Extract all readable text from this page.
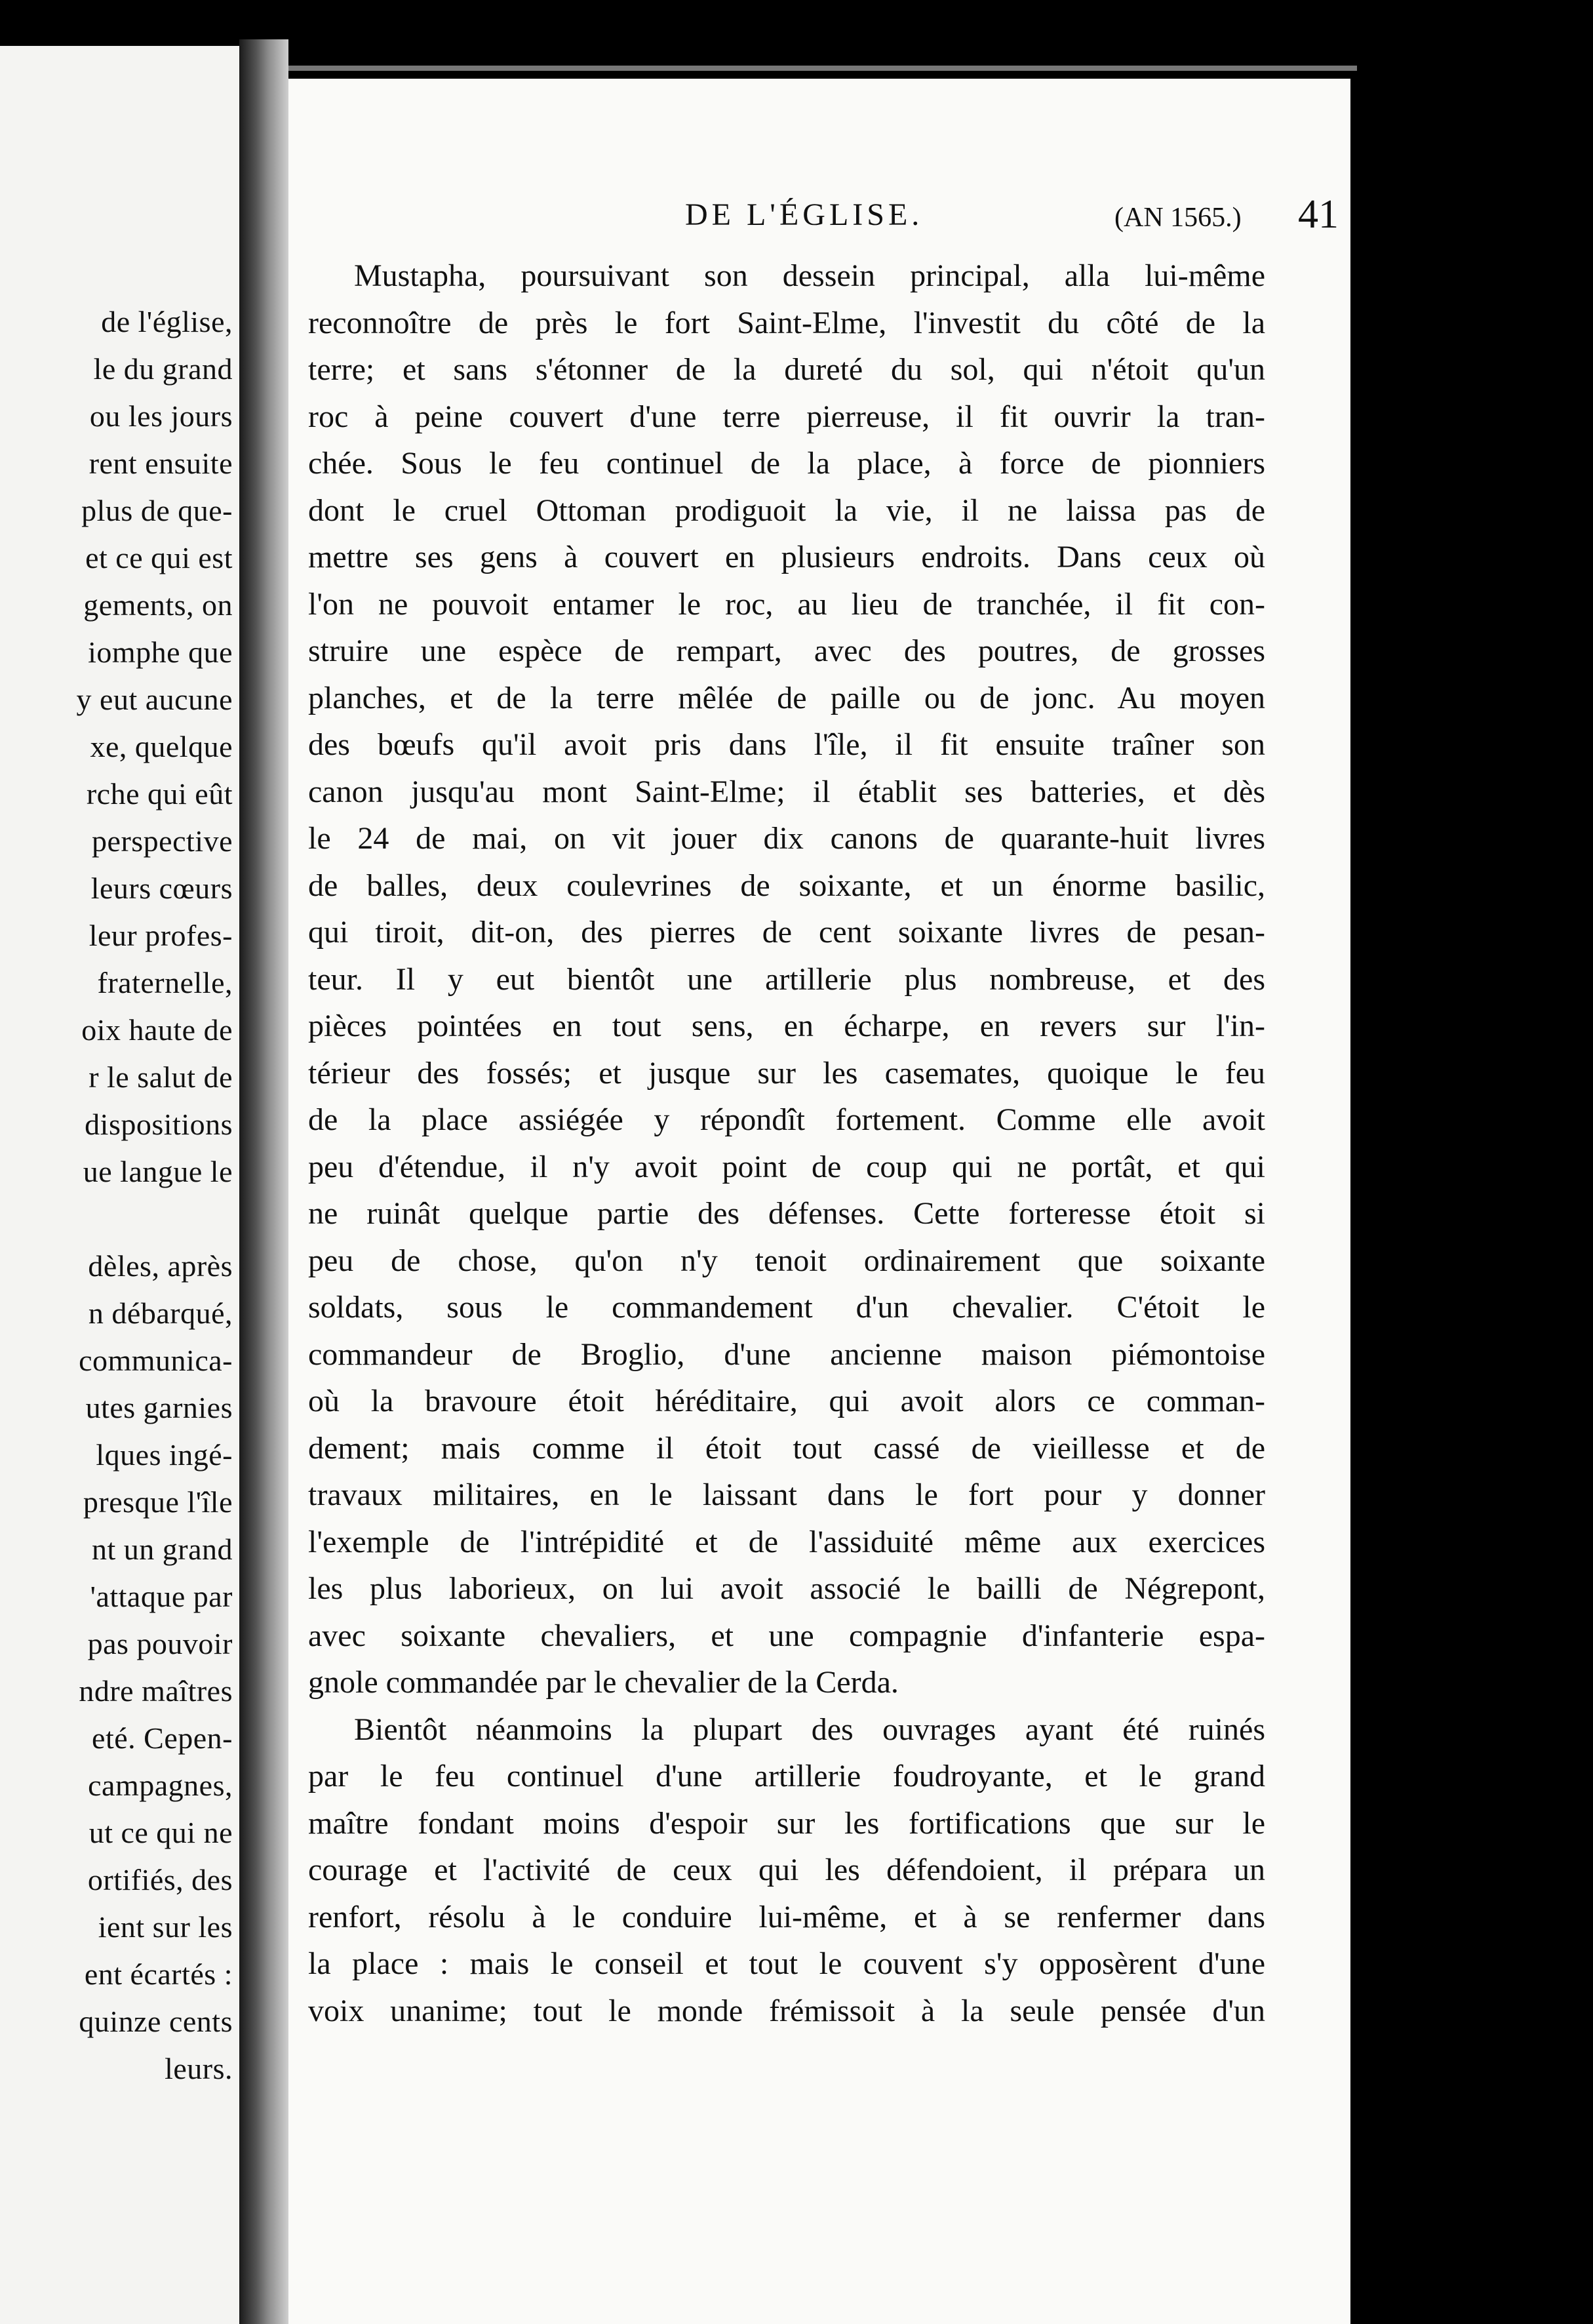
de l'église,
le du grand
ou les jours
rent ensuite
plus de que-
et ce qui est
gements, on
iomphe que
y eut aucune
xe, quelque
rche qui eût
perspective
leurs cœurs
leur profes-
fraternelle,
oix haute de
r le salut de
dispositions
ue langue le
dèles, après
n débarqué,
communica-
utes garnies
lques ingé-
presque l'île
nt un grand
'attaque par
pas pouvoir
ndre maîtres
eté. Cepen-
campagnes,
ut ce qui ne
ortifiés, des
ient sur les
ent écartés :
quinze cents
leurs.
DE L'ÉGLISE.	(AN 1565.) 41
Mustapha, poursuivant son dessein principal, alla lui-même
reconnoître de près le fort Saint-Elme, l'investit du côté de la
terre; et sans s'étonner de la dureté du sol, qui n'étoit qu'un
roc à peine couvert d'une terre pierreuse, il fit ouvrir la tran-
chée. Sous le feu continuel de la place, à force de pionniers
dont le cruel Ottoman prodiguoit la vie, il ne laissa pas de
mettre ses gens à couvert en plusieurs endroits. Dans ceux où
l'on ne pouvoit entamer le roc, au lieu de tranchée, il fit con-
struire une espèce de rempart, avec des poutres, de grosses
planches, et de la terre mêlée de paille ou de jonc. Au moyen
des bœufs qu'il avoit pris dans l'île, il fit ensuite traîner son
canon jusqu'au mont Saint-Elme; il établit ses batteries, et dès
le 24 de mai, on vit jouer dix canons de quarante-huit livres
de balles, deux coulevrines de soixante, et un énorme basilic,
qui tiroit, dit-on, des pierres de cent soixante livres de pesan-
teur. Il y eut bientôt une artillerie plus nombreuse, et des
pièces pointées en tout sens, en écharpe, en revers sur l'in-
térieur des fossés; et jusque sur les casemates, quoique le feu
de la place assiégée y répondît fortement. Comme elle avoit
peu d'étendue, il n'y avoit point de coup qui ne portât, et qui
ne ruinât quelque partie des défenses. Cette forteresse étoit si
peu de chose, qu'on n'y tenoit ordinairement que soixante
soldats, sous le commandement d'un chevalier. C'étoit le
commandeur de Broglio, d'une ancienne maison piémontoise
où la bravoure étoit héréditaire, qui avoit alors ce comman-
dement; mais comme il étoit tout cassé de vieillesse et de
travaux militaires, en le laissant dans le fort pour y donner
l'exemple de l'intrépidité et de l'assiduité même aux exercices
les plus laborieux, on lui avoit associé le bailli de Négrepont,
avec soixante chevaliers, et une compagnie d'infanterie espa-
gnole commandée par le chevalier de la Cerda.
Bientôt néanmoins la plupart des ouvrages ayant été ruinés
par le feu continuel d'une artillerie foudroyante, et le grand
maître fondant moins d'espoir sur les fortifications que sur le
courage et l'activité de ceux qui les défendoient, il prépara un
renfort, résolu à le conduire lui-même, et à se renfermer dans
la place : mais le conseil et tout le couvent s'y opposèrent d'une
voix unanime; tout le monde frémissoit à la seule pensée d'un
